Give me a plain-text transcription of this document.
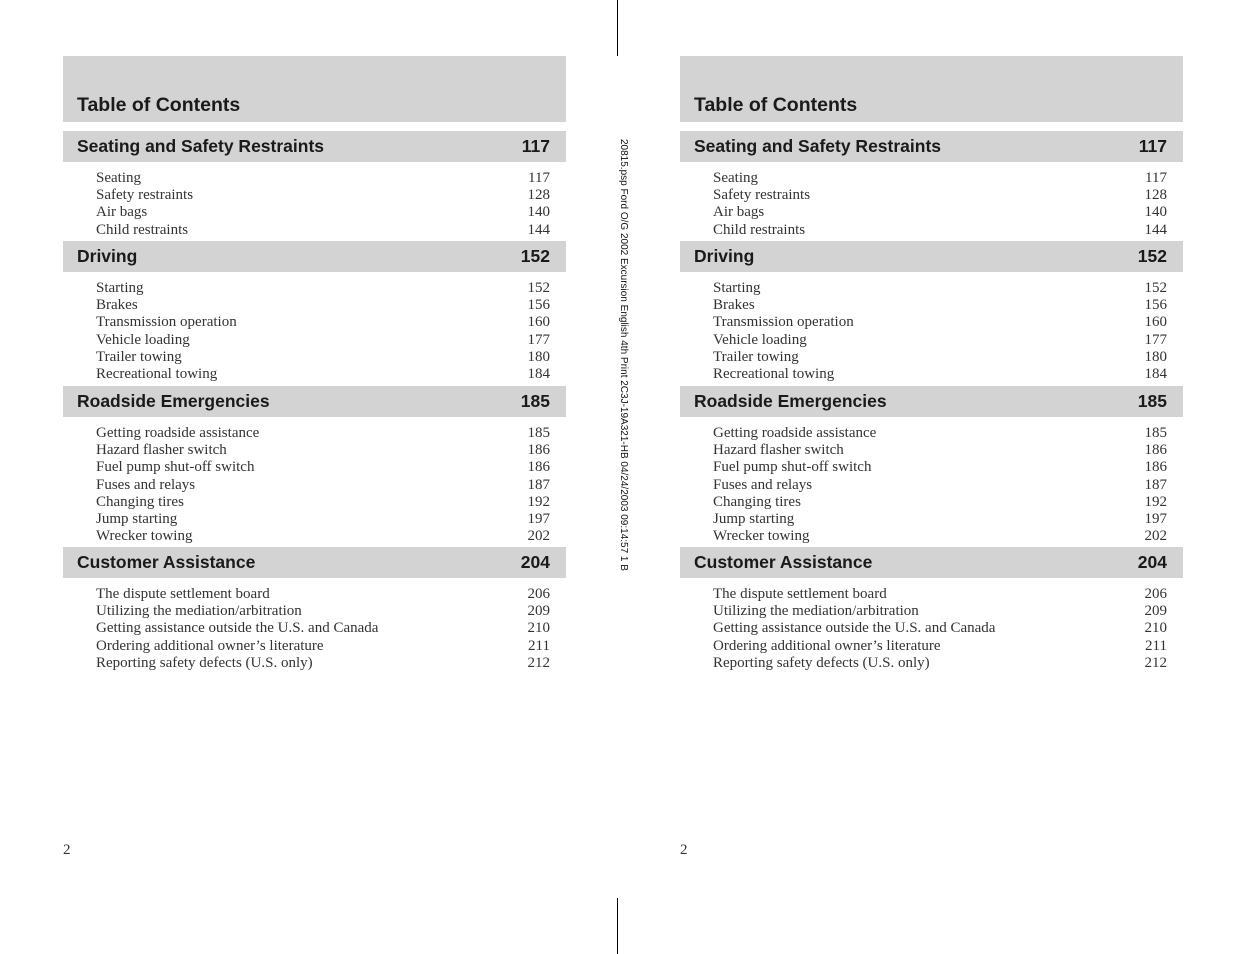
Table of Contents
Seating and Safety Restraints	117
Seating	117
Safety restraints	128
Air bags	140
Child restraints	144
Driving	152
Starting	152
Brakes	156
Transmission operation	160
Vehicle loading	177
Trailer towing	180
Recreational towing	184
Roadside Emergencies	185
Getting roadside assistance	185
Hazard flasher switch	186
Fuel pump shut-off switch	186
Fuses and relays	187
Changing tires	192
Jump starting	197
Wrecker towing	202
Customer Assistance	204
The dispute settlement board	206
Utilizing the mediation/arbitration	209
Getting assistance outside the U.S. and Canada	210
Ordering additional owner’s literature	211
Reporting safety defects (U.S. only)	212
2
Table of Contents
Seating and Safety Restraints	117
Seating	117
Safety restraints	128
Air bags	140
Child restraints	144
Driving	152
Starting	152
Brakes	156
Transmission operation	160
Vehicle loading	177
Trailer towing	180
Recreational towing	184
Roadside Emergencies	185
Getting roadside assistance	185
Hazard flasher switch	186
Fuel pump shut-off switch	186
Fuses and relays	187
Changing tires	192
Jump starting	197
Wrecker towing	202
Customer Assistance	204
The dispute settlement board	206
Utilizing the mediation/arbitration	209
Getting assistance outside the U.S. and Canada	210
Ordering additional owner’s literature	211
Reporting safety defects (U.S. only)	212
2
20815.psp Ford O/G 2002 Excursion English 4th Print 2C3J-19A321-HB 04/24/2003 09:14:57 1 B
